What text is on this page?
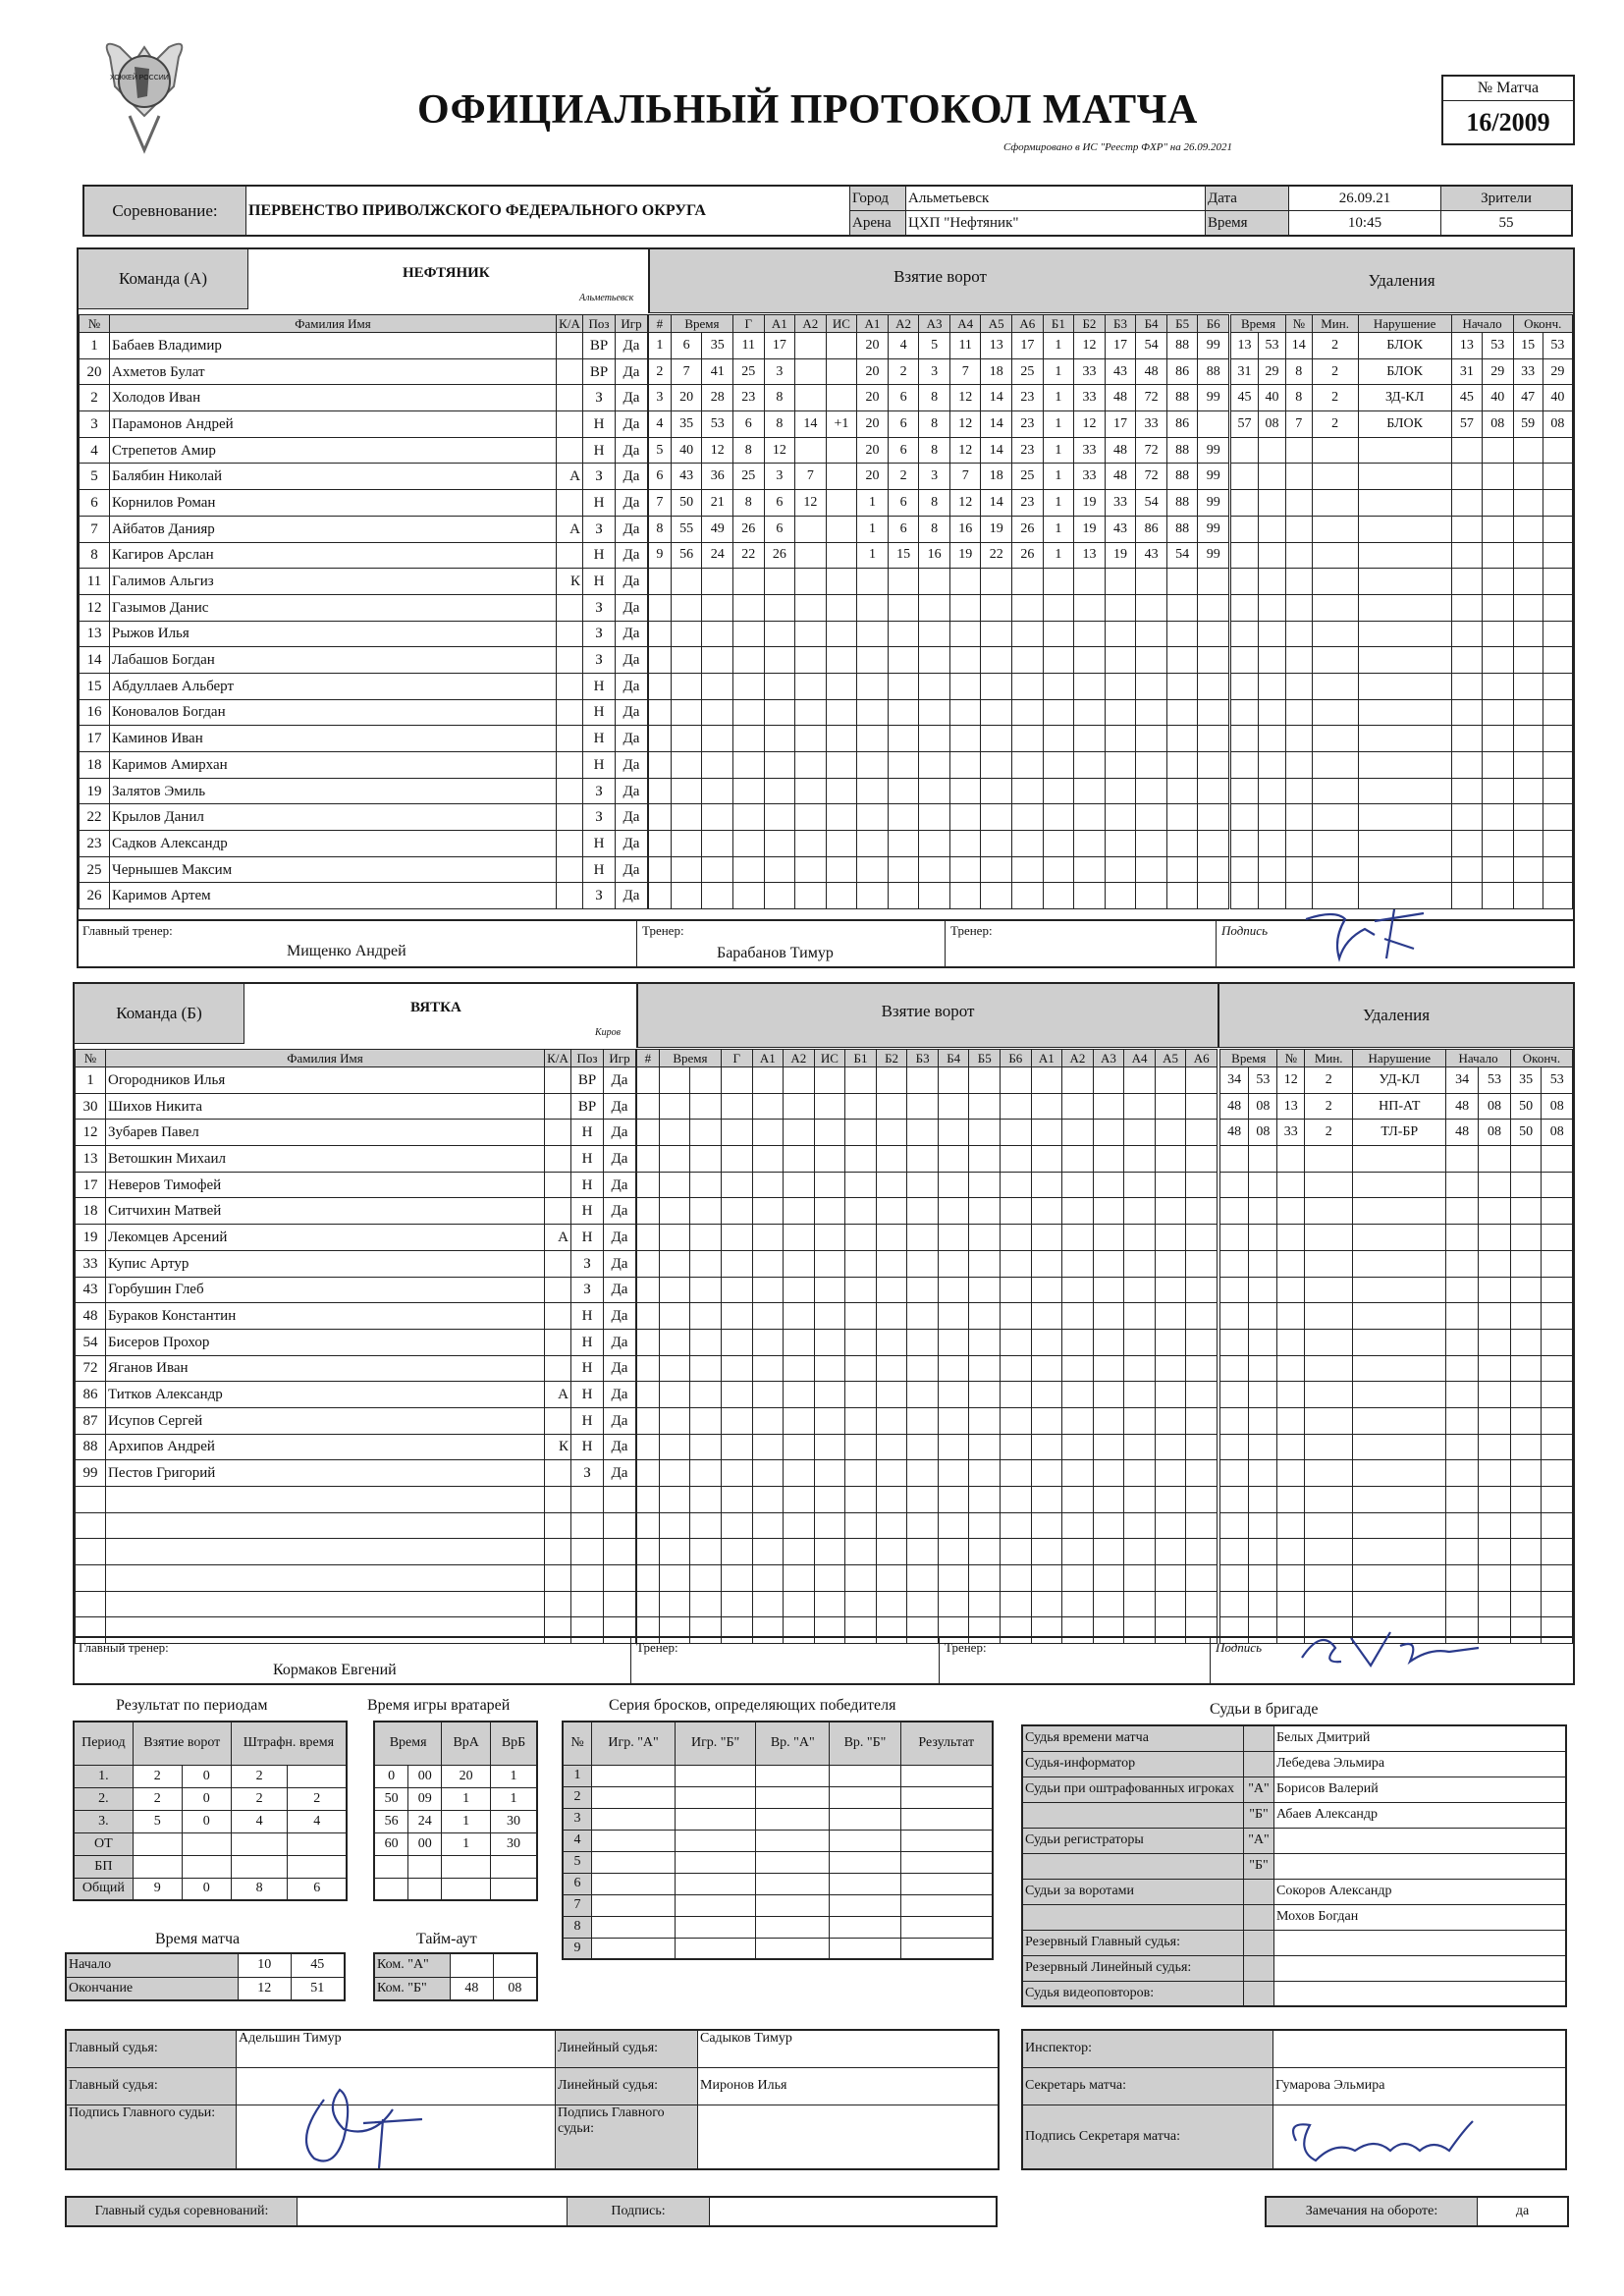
ХОККЕЙ РОССИИ
ОФИЦИАЛЬНЫЙ ПРОТОКОЛ МАТЧА
Сформировано в ИС "Реестр ФХР" на 26.09.2021
№ Матча
16/2009
Соревнование:	ПЕРВЕНСТВО ПРИВОЛЖСКОГО ФЕДЕРАЛЬНОГО ОКРУГА	Город	Альметьевск	Дата	26.09.21	Зрители
		Арена	ЦХП "Нефтяник"	Время	10:45	55
Команда (А)	НЕФТЯНИК
Альметьевск
Взятие ворот	Удаления
№	Фамилия Имя	К/А	Поз	Игр
1	Бабаев Владимир		ВР	Да
20	Ахметов Булат		ВР	Да
2	Холодов Иван		З	Да
3	Парамонов Андрей		Н	Да
4	Стрепетов Амир		Н	Да
5	Балябин Николай	А	З	Да
6	Корнилов Роман		Н	Да
7	Айбатов Данияр	А	З	Да
8	Кагиров Арслан		Н	Да
11	Галимов Альгиз	К	Н	Да
12	Газымов Данис		З	Да
13	Рыжов Илья		З	Да
14	Лабашов Богдан		З	Да
15	Абдуллаев Альберт		Н	Да
16	Коновалов Богдан		Н	Да
17	Каминов Иван		Н	Да
18	Каримов Амирхан		Н	Да
19	Залятов Эмиль		З	Да
22	Крылов Данил		З	Да
23	Садков Александр		Н	Да
25	Чернышев Максим		Н	Да
26	Каримов Артем		З	Да
#	Время		Г	А1	А2	ИС	А1	А2	А3	А4	А5	А6	Б1	Б2	Б3	Б4	Б5	Б6
1	6	35	11	17			20	4	5	11	13	17	1	12	17	54	88	99
2	7	41	25	3			20	2	3	7	18	25	1	33	43	48	86	88
3	20	28	23	8			20	6	8	12	14	23	1	33	48	72	88	99
4	35	53	6	8	14	+1	20	6	8	12	14	23	1	12	17	33	86	
5	40	12	8	12			20	6	8	12	14	23	1	33	48	72	88	99
6	43	36	25	3	7		20	2	3	7	18	25	1	33	48	72	88	99
7	50	21	8	6	12		1	6	8	12	14	23	1	19	33	54	88	99
8	55	49	26	6			1	6	8	16	19	26	1	19	43	86	88	99
9	56	24	22	26			1	15	16	19	22	26	1	13	19	43	54	99

Время		№	Мин.	Нарушение	Начало		Оконч.	
13	53	14	2	БЛОК	13	53	15	53
31	29	8	2	БЛОК	31	29	33	29
45	40	8	2	ЗД-КЛ	45	40	47	40
57	08	7	2	БЛОК	57	08	59	08

Главный тренер:
Мищенко Андрей
Тренер:
Барабанов Тимур
Тренер:	Подпись
Команда (Б)	ВЯТКА
Киров
Взятие ворот	Удаления
№	Фамилия Имя	К/А	Поз	Игр
1	Огородников Илья		ВР	Да
30	Шихов Никита		ВР	Да
12	Зубарев Павел		Н	Да
13	Ветошкин Михаил		Н	Да
17	Неверов Тимофей		Н	Да
18	Ситчихин Матвей		Н	Да
19	Лекомцев Арсений	А	Н	Да
33	Купис Артур		З	Да
43	Горбушин Глеб		З	Да
48	Бураков Константин		Н	Да
54	Бисеров Прохор		Н	Да
72	Яганов Иван		Н	Да
86	Титков Александр	А	Н	Да
87	Исупов Сергей		Н	Да
88	Архипов Андрей	К	Н	Да
99	Пестов Григорий		З	Да

#	Время		Г	А1	А2	ИС	Б1	Б2	Б3	Б4	Б5	Б6	А1	А2	А3	А4	А5	А6

																		Время		№	Мин.	Нарушение	Начало		Оконч.	
34	53	12	2	УД-КЛ	34	53	35	53
48	08	13	2	НП-АТ	48	08	50	08
48	08	33	2	ТЛ-БР	48	08	50	08

Главный тренер:
Кормаков Евгений
Тренер:	Тренер:	Подпись
Результат по периодам
Период	Взятие ворот		Штрафн. время	
1.	2	0	2	
2.	2	0	2	2
3.	5	0	4	4
ОТ				
БП				
Общий	9	0	8	6
Время игры вратарей
Время		ВрА	ВрБ
0	00	20	1
50	09	1	1
56	24	1	30
60	00	1	30

Серия бросков, определяющих победителя
№	Игр. "А"	Игр. "Б"	Вр. "А"	Вр. "Б"	Результат
1					
2					
3					
4					
5					
6					
7					
8					
9					
Время матча
Начало	10	45
Окончание	12	51
Тайм-аут
Ком. "А"		
Ком. "Б"	48	08
Судьи в бригаде
Судья времени матча		Белых Дмитрий
Судья-информатор		Лебедева Эльмира
Судьи при оштрафованных игроках	"А"	Борисов Валерий
	"Б"	Абаев Александр
Судьи регистраторы	"А"	
	"Б"	
Судьи за воротами		Сокоров Александр
		Мохов Богдан
Резервный Главный судья:		
Резервный Линейный судья:		
Судья видеоповторов:		
Главный судья:	Адельшин Тимур	Линейный судья:	Садыков Тимур
Главный судья:		Линейный судья:	Миронов Илья
Подпись Главного судьи:		Подпись Главного судьи:	
Инспектор:	
Секретарь матча:	Гумарова Эльмира
Подпись Секретаря матча:	
Главный судья соревнований:		Подпись:		Замечания на обороте:	да
